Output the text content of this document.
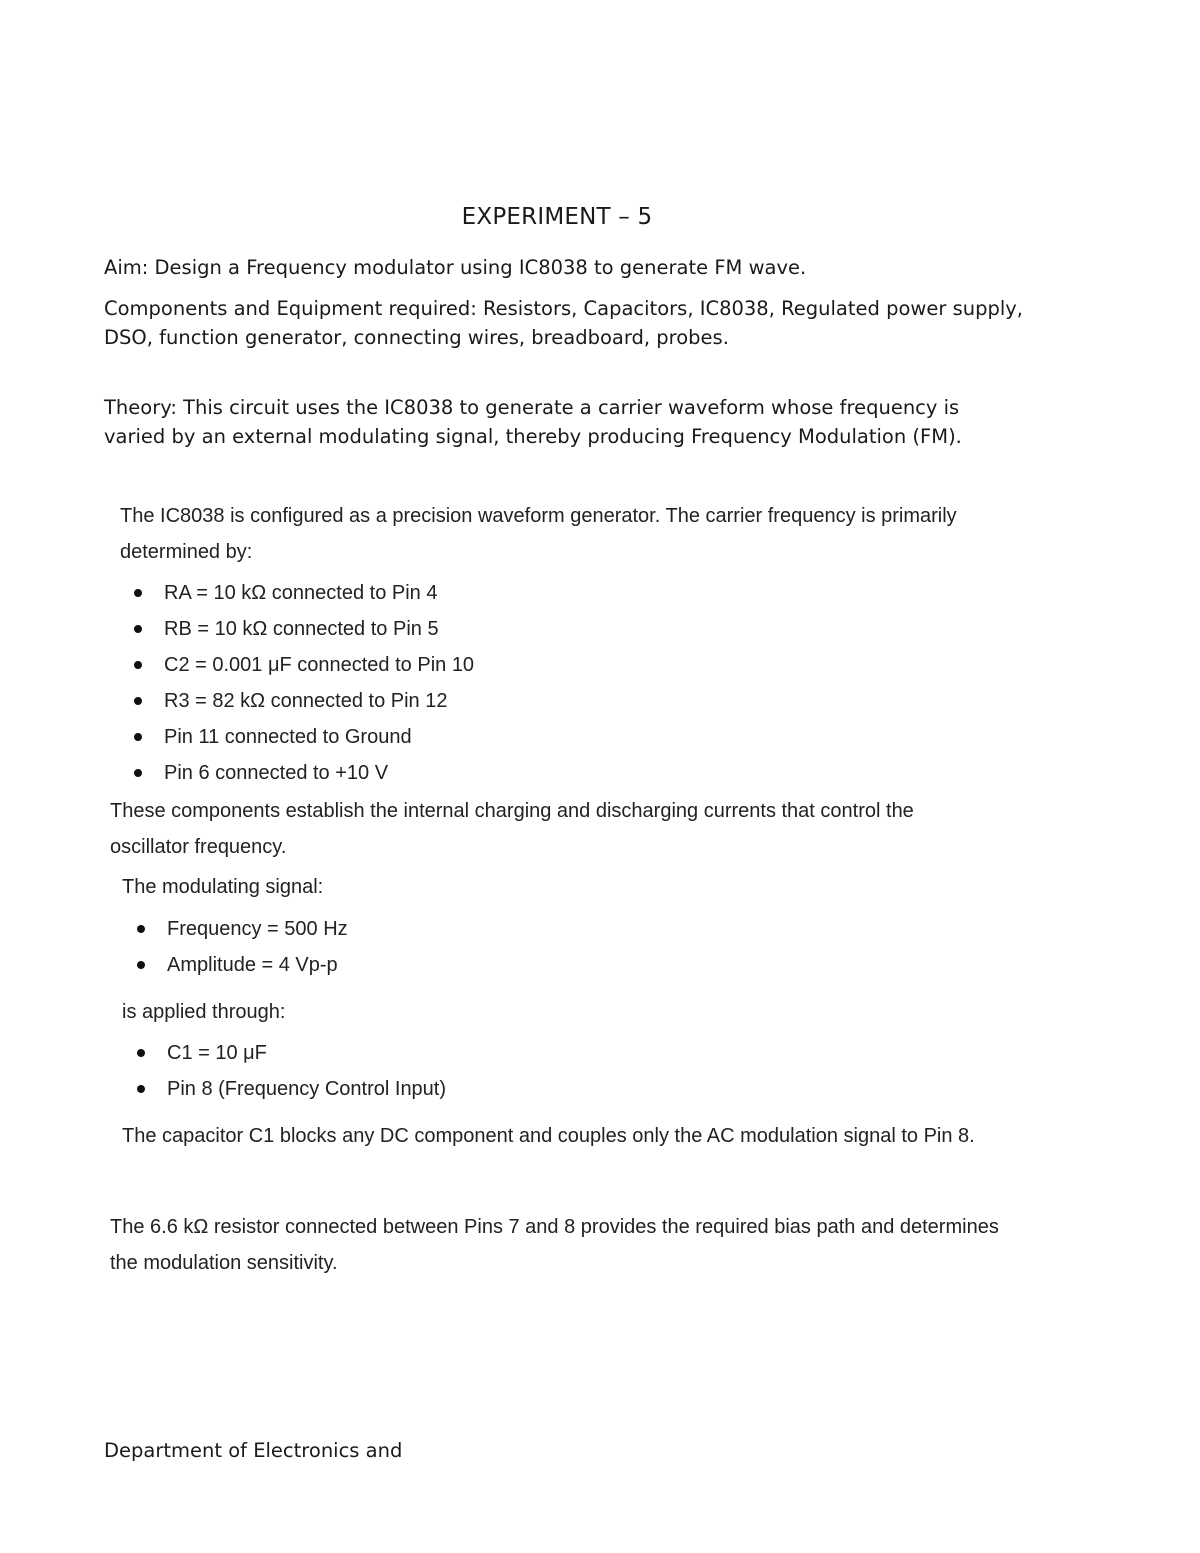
EXPERIMENT – 5

Aim: Design a Frequency modulator using IC8038 to generate FM wave.

Components and Equipment required: Resistors, Capacitors, IC8038, Regulated power supply, DSO, function generator, connecting wires, breadboard, probes.

Theory: This circuit uses the IC8038 to generate a carrier waveform whose frequency is varied by an external modulating signal, thereby producing Frequency Modulation (FM).

The IC8038 is configured as a precision waveform generator. The carrier frequency is primarily determined by:

RA = 10 kΩ connected to Pin 4
RB = 10 kΩ connected to Pin 5
C2 = 0.001 μF connected to Pin 10
R3 = 82 kΩ connected to Pin 12
Pin 11 connected to Ground
Pin 6 connected to +10 V

These components establish the internal charging and discharging currents that control the oscillator frequency.

The modulating signal:

Frequency = 500 Hz
Amplitude = 4 Vp-p

is applied through:

C1 = 10 μF
Pin 8 (Frequency Control Input)

The capacitor C1 blocks any DC component and couples only the AC modulation signal to Pin 8.

The 6.6 kΩ resistor connected between Pins 7 and 8 provides the required bias path and determines the modulation sensitivity.

Department of Electronics and
